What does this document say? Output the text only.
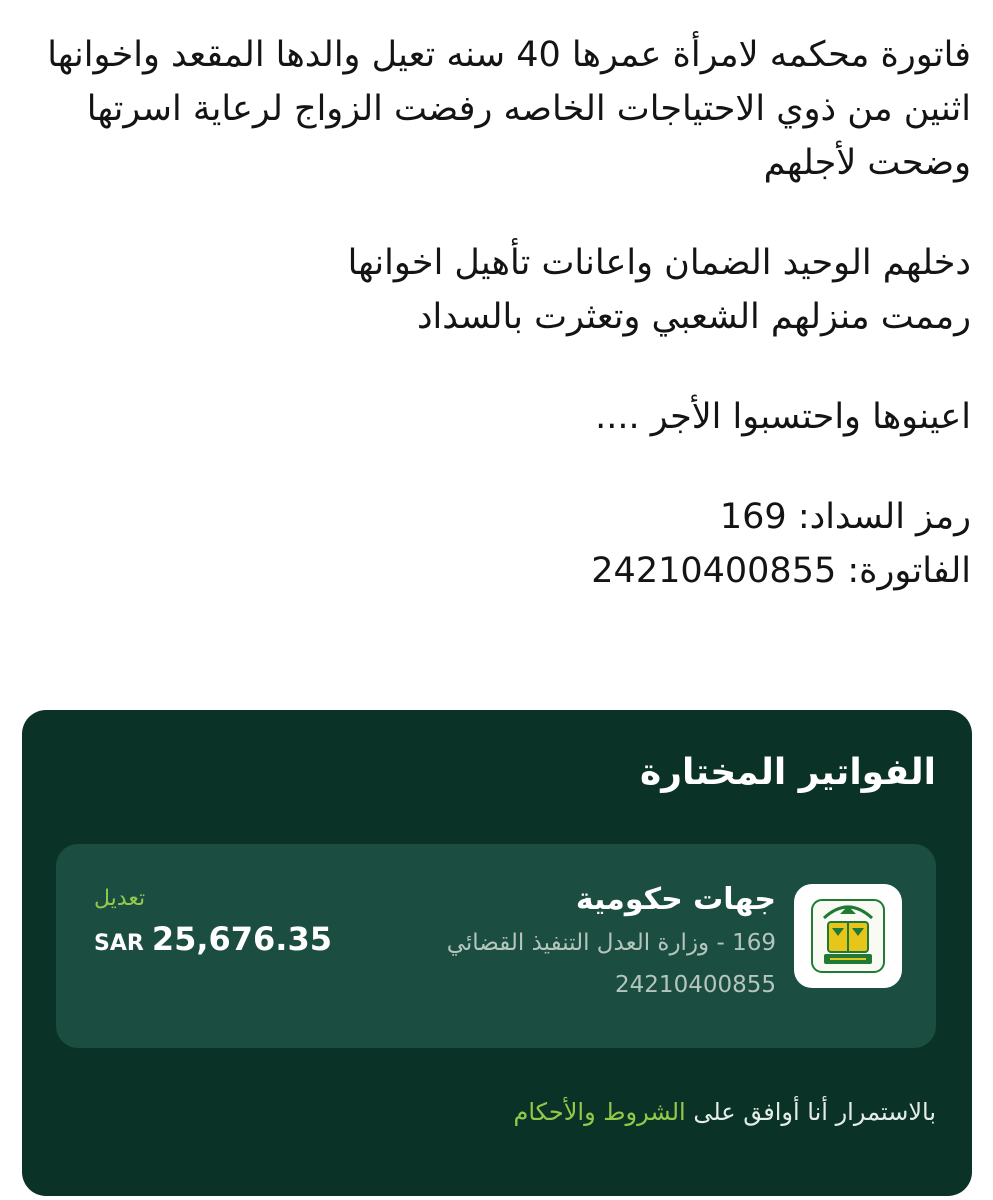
فاتورة محكمه لامرأة عمرها 40 سنه تعيل والدها المقعد واخوانها
اثنين من ذوي الاحتياجات الخاصه رفضت الزواج لرعاية اسرتها
وضحت لأجلهم
دخلهم الوحيد الضمان واعانات تأهيل اخوانها
رممت منزلهم الشعبي وتعثرت بالسداد
اعينوها واحتسبوا الأجر ....
رمز السداد: 169
الفاتورة: 24210400855
الفواتير المختارة
جهات حكومية
169 - وزارة العدل التنفيذ القضائي
24210400855
تعديل
SAR 25,676.35
بالاستمرار أنا أوافق على الشروط والأحكام
